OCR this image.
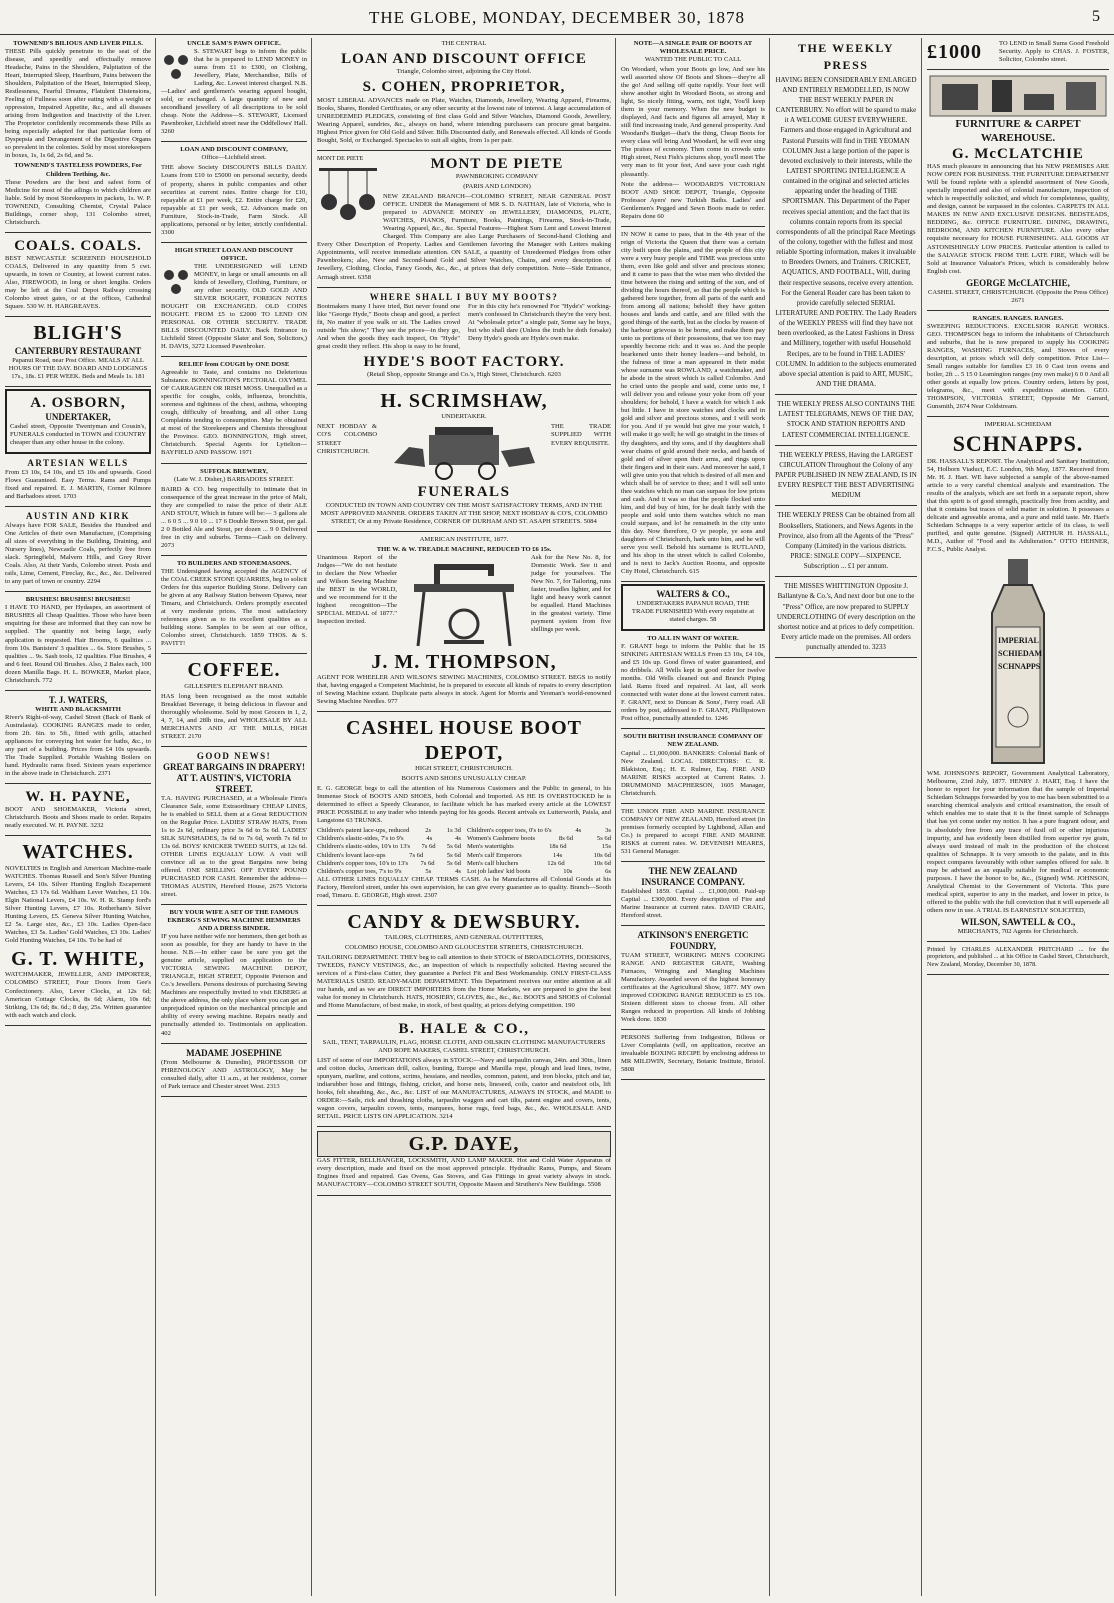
THE GLOBE, MONDAY, DECEMBER 30, 1878	5
TOWNEND'S BILIOUS AND LIVER PILLS.

THESE Pills quickly penetrate to the seat of the disease, and speedily and effectually remove Headache, Pains in the Shoulders, Palpitation of the Heart, Interrupted Sleep, Heartburn, Pains between the Shoulders, Palpitation of the Heart, Interrupted Sleep, Restlessness, Fearful Dreams, Flatulent Distensions, Feeling of Fullness soon after eating with a weight or oppression, Impaired Appetite, &c., and all diseases arising from Indigestion and Inactivity of the Liver. The Proprietor confidently recommends these Pills as being especially adapted for that particular form of Dyspepsia and Derangement of the Digestive Organs so prevalent in the colonies. Sold by most storekeepers in boxes, 1s, 1s 6d, 2s 6d, and 5s.

TOWNEND'S TASTELESS POWDERS, For Children Teething, &c.

These Powders are the best and safest form of Medicine for most of the ailings to which children are liable. Sold by most Storekeepers in packets, 1s. W. P. TOWNEND, Consulting Chemist, Crystal Palace Buildings, corner shop, 131 Colombo street, Christchurch.

COALS. COALS.

BEST NEWCASTLE SCREENED HOUSEHOLD COALS, Delivered in any quantity from 5 cwt. upwards, in town or Country, at lowest current rates. Also, FIREWOOD, in long or short lengths. Orders may be left at the Coal Depot Railway crossing Colombo street gates, or at the offices, Cathedral Square. 530 W. H. HARGREAVES.

BLIGH'S
CANTERBURY RESTAURANT

Papanui Road, near Post Office. MEALS AT ALL HOURS OF THE DAY. BOARD AND LODGINGS 17s., 18s. £1 PER WEEK. Beds and Meals 1s. 181

A. OSBORN,
UNDERTAKER,

Cashel street, Opposite Twentyman and Cousin's, FUNERALS conducted in TOWN and COUNTRY cheaper than any other house in the colony.

ARTESIAN WELLS

From £3 10s, £4 10s, and £5 10s and upwards. Good Flows Guaranteed. Easy Terms. Rams and Pumps fixed and repaired. E. J. MARTIN, Corner Kilmore and Barbadoes street. 1703

AUSTIN AND KIRK

Always have FOR SALE, Besides the Hundred and One Articles of their own Manufacture, (Comprising all sizes of everything in the Building, Draining, and Nursery lines), Newcastle Coals, perfectly free from slack. Springfield, Malvern Hills, and Grey River Coals. Also, At their Yards, Colombo street. Posts and rails, Lime, Cement, Fireclay, &c., &c., &c. Delivered to any part of town or country. 2294

BRUSHES! BRUSHES! BRUSHES!!

I HAVE TO HAND, per Hydaspes, an assortment of BRUSHES all Cheap Qualities. Those who have been enquiring for these are informed that they can now be supplied. The quantity not being large, early application is requested. Hair Brooms, 6 qualities ... from 10s. Banisters' 3 qualities ... 6s. Store Brushes, 5 qualities ... 9s. Sash tools, 12 qualities. Flue Brushes, 4 and 6 feet. Round Oil Brushes. Also, 2 Bales each, 100 dozen Manilla Bags. H. L. BOWKER, Market place, Christchurch. 772

T. J. WATERS,
WHITE AND BLACKSMITH

River's Right-of-way, Cashel Street (Back of Bank of Australasia). COOKING RANGES made to order, from 2ft. 6in. to 5ft., fitted with grills, attached appliances for conveying hot water for baths, &c., to any part of a building. Prices from £4 10s upwards. The Trade Supplied. Portable Washing Boilers on hand. Hydraulic rams fixed. Sixteen years experience in the above trade in Christchurch. 2371

W. H. PAYNE,

BOOT AND SHOEMAKER, Victoria street, Christchurch. Boots and Shoes made to order. Repairs neatly executed. W. H. PAYNE. 3232

WATCHES.

NOVELTIES in English and American Machine-made WATCHES. Thomas Russell and Son's Silver Hunting Levers, £4 10s. Silver Hunting English Escapement Watches, £3 17s 6d. Waltham Lever Watches, £1 10s. Elgin National Levers, £4 10s. W. H. R. Stamp ford's Silver Hunting Levers, £7 10s. Rotherham's Silver Hunting Levers, £5. Geneva Silver Hunting Watches, £2 5s. Large size, &c., £3 10s. Ladies Open-face Watches, £3 5s. Ladies' Gold Watches, £3 10s. Ladies' Gold Hunting Watches, £4 10s. To be had of

G. T. WHITE,

WATCHMAKER, JEWELLER, AND IMPORTER, COLOMBO STREET, Four Doors from Gee's Confectionery. Also, Lever Clocks, at 12s 6d; American Cottage Clocks, 8s 6d; Alarm, 10s 6d; Striking, 13s 6d; 8s. 6d.; 8 day, 25s. Written guarantee with each watch and clock.

UNCLE SAM'S PAWN OFFICE.

S. STEWART begs to inform the public that he is prepared to LEND MONEY in sums from £1 to £300, on Clothing, Jewellery, Plate, Merchandise, Bills of Lading, &c. Lowest interest charged. N.B.—Ladies' and gentlemen's wearing apparel bought, sold, or exchanged. A large quantity of new and secondhand jewellery of all descriptions to be sold cheap. Note the Address—S. STEWART, Licensed Pawnbroker, Lichfield street near the Oddfellows' Hall. 3260

LOAN AND DISCOUNT COMPANY,

Office—Lichfield street.

THE above Society DISCOUNTS BILLS DAILY. Loans from £10 to £5000 on personal security, deeds of property, shares in public companies and other securities at current rates. Entire charge for £10, repayable at £1 per week, £2. Entire charge for £20, repayable at £1 per week, £2. Advances made on Furniture, Stock-in-Trade, Farm Stock. All applications, personal or by letter, strictly confidential. 3300

HIGH STREET LOAN AND DISCOUNT OFFICE.

THE UNDERSIGNED will LEND MONEY, in large or small amounts on all kinds of Jewellery, Clothing, Furniture, or any other security. OLD GOLD AND SILVER BOUGHT, FOREIGN NOTES BOUGHT OR EXCHANGED. OLD COINS BOUGHT. FROM £5 to £2000 TO LEND ON PERSONAL OR OTHER SECURITY. TRADE BILLS DISCOUNTED DAILY. Back Entrance in Lichfield Street (Opposite Slater and Son, Solicitors,) H. DAVIS, 3272 Licensed Pawnbroker.

RELIEF from COUGH by ONE DOSE

Agreeable to Taste, and contains no Deleterious Substance. BONNINGTON'S PECTORAL OXYMEL OF CARRAGEEN OR IRISH MOSS. Unequalled as a specific for coughs, colds, influenza, bronchitis, soreness and tightness of the chest, asthma, whooping cough, difficulty of breathing, and all other Lung Complaints tending to consumption. May be obtained at most of the Storekeepers and Chemists throughout the Province. GEO. BONNINGTON, High street, Christchurch. Special Agents for Lyttelton—BAYFIELD AND PASSOW. 1971

SUFFOLK BREWERY,

(Late W. J. Disher,) BARBADOES STREET.

BAIRD & CO. beg respectfully to intimate that in consequence of the great increase in the price of Malt, they are compelled to raise the price of their ALE AND STOUT, Which in future will be:— 3 gallons ale ... 6 0 5 ... 9 0 10 ... 17 6 Double Brown Stout, per gal. 2 0 Bottled Ale and Stout, per dozen ... 9 0 Delivered free in city and suburbs. Terms—Cash on delivery. 2073

TO BUILDERS AND STONEMASONS.

THE Undersigned having accepted the AGENCY of the COAL CREEK STONE QUARRIES, beg to solicit Orders for this superior Building Stone. Delivery can be given at any Railway Station between Opawa, near Timaru, and Christchurch. Orders promptly executed at very moderate prices. The most satisfactory references given as to its excellent qualities as a building stone. Samples to be seen at our office, Colombo street, Christchurch. 1859 THOS. & S. PAVITT!

COFFEE.

GILLESPIE'S ELEPHANT BRAND.

HAS long been recognised as the most suitable Breakfast Beverage, it being delicious in flavour and thoroughly wholesome. Sold by most Grocers in 1, 2, 4, 7, 14, and 28lb tins, and WHOLESALE BY ALL MERCHANTS AND AT THE MILLS, HIGH STREET. 2170

GOOD NEWS!
GREAT BARGAINS IN DRAPERY!
AT T. AUSTIN'S, VICTORIA STREET.

T.A. HAVING PURCHASED, at a Wholesale Firm's Clearance Sale, some Extraordinary CHEAP LINES, he is enabled to SELL them at a Great REDUCTION on the Regular Price. LADIES' STRAW HATS, From 1s to 2s 6d, ordinary price 3s 6d to 5s 6d. LADIES' SILK SUNSHADES, 3s 6d to 7s 6d, worth 7s 6d to 13s 6d. BOYS' KNICKER TWEED SUITS, at 12s 6d. OTHER LINES EQUALLY LOW. A visit will convince all as to the great Bargains now being offered. ONE SHILLING OFF EVERY POUND PURCHASED FOR CASH. Remember the address—THOMAS AUSTIN, Hereford House, 2675 Victoria street.

BUY YOUR WIFE A SET OF THE FAMOUS EKBERG'S SEWING MACHINE HEMMERS AND A DRESS BINDER.

IF you have neither wife nor hemmers, then get both as soon as possible, for they are handy to have in the house. N.B.—In either case be sure you get the genuine article, supplied on application to the VICTORIA SEWING MACHINE DEPOT, TRIANGLE, HIGH STREET, Opposite Peterson and Co.'s Jewellers. Persons desirous of purchasing Sewing Machines are respectfully invited to visit EKBERG at the above address, the only place where you can get an unprejudiced opinion on the mechanical principle and ability of every sewing machine. Repairs neatly and punctually attended to. Testimonials on application. 402

MADAME JOSEPHINE

(From Melbourne & Dunedin), PROFESSOR OF PHRENOLOGY AND ASTROLOGY, May be consulted daily, after 11 a.m., at her residence, corner of Park terrace and Chester street West. 2313

THE CENTRAL

LOAN AND DISCOUNT OFFICE

Triangle, Colombo street, adjoining the City Hotel.

S. COHEN, PROPRIETOR,

MOST LIBERAL ADVANCES made on Plate, Watches, Diamonds, Jewellery, Wearing Apparel, Firearms, Books, Shares, Bonded Certificates, or any other security at the lowest rate of interest. A large accumulation of UNREDEEMED PLEDGES, consisting of first class Gold and Silver Watches, Diamond Goods, Jewellery, Wearing Apparel, sundries, &c., always on hand, where intending purchasers can procure great bargains. Highest Price given for Old Gold and Silver. Bills Discounted daily, and Renewals effected. All kinds of Goods Bought, Sold, or Exchanged. Spectacles to suit all sights, from 1s per pair.

MONT DE PIETE	MONT DE PIETE

PAWNBROKING COMPANY

(PARIS AND LONDON)

NEW ZEALAND BRANCH—COLOMBO STREET, NEAR GENERAL POST OFFICE. UNDER the Management of MR S. D. NATHAN, late of Victoria, who is prepared to ADVANCE MONEY on JEWELLERY, DIAMONDS, PLATE, WATCHES, PIANOS, Furniture, Books, Paintings, Firearms, Stock-in-Trade, Wearing Apparel, &c., &c. Special Features—Highest Sum Lent and Lowest Interest Charged. This Company are also Large Purchasers of Second-hand Clothing and Every Other Description of Property. Ladies and Gentlemen favoring the Manager with Letters making Appointments, will receive immediate attention. ON SALE, a quantity of Unredeemed Pledges from other Pawnbrokers; also, New and Second-hand Gold and Silver Watches, Chains, and every description of Jewellery, Clothing, Clocks, Fancy Goods, &c., &c., at prices that defy competition. Note—Side Entrance, Armagh street. 6358

WHERE SHALL I BUY MY BOOTS?

Bootmakers many I have tried, But never found one like "George Hyde," Boots cheap and good, a perfect fit, No matter if you walk or sit. The Ladies crowd outside "his show;" They see the prices—in they go, And when the goods they each inspect, On "Hyde" great credit they reflect. His shop is easy to be found, For in this city he's renowned For "Hyde's" working-men's confessed In Christchurch they're the very best. At "wholesale price" a single pair, Some say he buys, but who shall dare (Unless the truth he doth forsake) Deny Hyde's goods are Hyde's own make.

HYDE'S BOOT FACTORY.

(Retail Shop, opposite Strange and Co.'s, High Street, Christchurch. 6203

H. SCRIMSHAW,

UNDERTAKER.

NEXT HOBDAY & CO'S COLOMBO STREET CHRISTCHURCH.

THE TRADE SUPPLIED WITH EVERY REQUISITE.

FUNERALS

CONDUCTED IN TOWN AND COUNTRY ON THE MOST SATISFACTORY TERMS, AND IN THE MOST APPROVED MANNER. ORDERS TAKEN AT THE SHOP, NEXT HOBDAY & CO'S, COLOMBO STREET, Or at my Private Residence, CORNER OF DURHAM AND ST. ASAPH STREETS. 5084

AMERICAN INSTITUTE, 1877.

THE W. & W. TREADLE MACHINE, REDUCED TO £6 15s.

Unanimous Report of the Judges—"We do not hesitate to declare the New Wheeler and Wilson Sewing Machine the BEST in the WORLD, and we recommend for it the highest recognition—The SPECIAL MEDAL of 1877." Inspection invited.

Ask for the New No. 8, for Domestic Work. See it and judge for yourselves. The New No. 7, for Tailoring, runs faster, treadles lighter, and for light and heavy work cannot be equalled. Hand Machines in the greatest variety. Time payment system from five shillings per week.

J. M. THOMPSON,

AGENT FOR WHEELER AND WILSON'S SEWING MACHINES, COLOMBO STREET. BEGS to notify that, having engaged a Competent Machinist, he is prepared to execute all kinds of repairs to every description of Sewing Machine extant. Duplicate parts always in stock. Agent for Morris and Yeoman's world-renowned Sewing Machine Needles. 977

CASHEL HOUSE BOOT DEPOT,

HIGH STREET, CHRISTCHURCH.

BOOTS AND SHOES UNUSUALLY CHEAP.

E. G. GEORGE begs to call the attention of his Numerous Customers and the Public in general, to his Immense Stock of BOOTS AND SHOES, both Colonial and Imported. AS HE IS OVERSTOCKED he is determined to effect a Speedy Clearance, to facilitate which he has marked every article at the LOWEST PRICE POSSIBLE to any trader who intends paying for his goods. Recent arrivals ex Lutterworth, Paisla, and Langstone 63 TRUNKS.

Children's patent lace-ups, reduced 2s 1s 3d
Children's elastic-sides, 7's to 9's	4s	4s
Children's elastic-sides, 10's to 13's 7s 6d 5s 6d
Children's lovant lace-ups	7s 6d	5s 6d
Children's copper toes, 10's to 13's 7s 6d 5s 6d
Children's copper toes, 7's to 9's	5s	4s
Children's copper toes, 0's to 6's	4s	3s
Women's Cashmere boots	8s 6d	5s 6d
Men's watertights	18s 6d	15s
Men's calf Emperors	14s	10s 6d
Men's calf bluchers	12s 6d	10s 6d
Lot job ladies' kid boots	10s	6s

ALL OTHER LINES EQUALLY CHEAP. TERMS CASH. As he Manufactures all Colonial Goods at his Factory, Hereford street, under his own supervision, he can give every guarantee as to quality. Branch—Sooth road, Timaru. E. GEORGE, High street. 2307

CANDY & DEWSBURY.

TAILORS, CLOTHIERS, AND GENERAL OUTFITTERS,

COLOMBO HOUSE, COLOMBO AND GLOUCESTER STREETS, CHRISTCHURCH.

TAILORING DEPARTMENT. THEY beg to call attention to their STOCK of BROADCLOTHS, DOESKINS, TWEEDS, FANCY VESTINGS, &c., an inspection of which is respectfully solicited. Having secured the services of a First-class Cutter, they guarantee a Perfect Fit and Best Workmanship. ONLY FIRST-CLASS MATERIALS USED. READY-MADE DEPARTMENT. This Department receives our entire attention at all our hands, and as we are DIRECT IMPORTERS from the Home Markets, we are prepared to give the best value for money in Christchurch. HATS, HOSIERY, GLOVES, &c., &c., &c. BOOTS and SHOES of Colonial and Home Manufacture, of best make, in stock, of best quality, at prices defying competition. 190

B. HALE & CO.,

SAIL, TENT, TARPAULIN, FLAG, HORSE CLOTH, AND OILSKIN CLOTHING MANUFACTURERS AND ROPE MAKERS, CASHEL STREET, CHRISTCHURCH.

LIST of some of our IMPORTATIONS always in STOCK:—Navy and tarpaulin canvas, 24in. and 30in., linen and cotton ducks, American drill, calico, bunting, Europe and Manilla rope, plough and lead lines, twine, spunyarn, marline, and cottons, scrims, hessians, and needles, common, patent, and iron blocks, pitch and tar, indiarubber hose and fittings, fishing, cricket, and horse nets, lineseed, coils, castor and neatsfoot oils, lift hooks, felt sheathing, &c., &c., &c. LIST of our MANUFACTURES, ALWAYS IN STOCK, and MADE to ORDER:—Sails, rick and thrashing cloths, tarpaulin waggon and cart tilts, patent engine and covers, tents, wagon covers, tarpaulin covers, tents, marquees, horse rugs, feed bags, &c., &c. WHOLESALE AND RETAIL. PRICE LISTS ON APPLICATION. 3214

G.P. DAYE,

GAS FITTER, BELLHANGER, LOCKSMITH, AND LAMP MAKER. Hot and Cold Water Apparatus of every description, made and fixed on the most approved principle. Hydraulic Rams, Pumps, and Steam Engines fixed and repaired. Gas Ovens, Gas Stoves, and Gas Fittings in great variety always in stock. MANUFACTORY—COLOMBO STREET SOUTH, Opposite Mason and Struthers's New Buildings. 5508

NOTE—A SINGLE PAIR OF BOOTS AT WHOLESALE PRICE.

WANTED THE PUBLIC TO CALL

On Woodard, when your Boots go low, And see his well assorted show Of Boots and Shoes—they're all the go! And selling off quite rapidly. Your feet will show another sight In Woodard Boots, so strong and light, So nicely fitting, warm, not tight, You'll keep them in your memory. When the new budget is displayed, And facts and figures all arrayed, May it still find increasing trade, And general prosperity. And Woodard's Budget—that's the thing, Cheap Boots for every class will bring And Woodard, he will ever sing The praises of economy. Then come in crowds unto High street, Next Fish's pictures shop, you'll meet The very man to fit your feet, And save your cash right pleasantly.

Note the address— WOODARD'S VICTORIAN BOOT AND SHOE DEPOT, Triangle, Opposite Professor Ayers' new Turkish Baths. Ladies' and Gentlemen's Pegged and Sewn Boots made to order. Repairs done 60

IN NOW it came to pass, that in the 4th year of the reign of Victoria the Queen that there was a certain city built upon the plains, and the people of this city were a very busy people and TIME was precious unto them, even like gold and silver and precious stones; and it came to pass that the wise men who divided the time between the rising and setting of the sun, and of dividing the hours thereof, so that the people which is gathered here together, from all parts of the earth and from among all nations; behold! they have gotten houses and lands and cattle, and are filled with the good things of the earth, but as the clocks by reason of the harbour grievous to be borne, and make them pay unto us portions of their possessions, that we too may speedily become rich: and it was so. And the people hearkened unto their honey leaders—and behold, in the fulness of time a man appeared in their midst whose surname was ROWLAND, a watchmaker, and he abode in the street which is called Colombo. And he cried unto the people and said, come unto me, I will deliver you and release your yoke from off your shoulders; for behold, I have a watch for which I ask but little. I have in store watches and clocks and in gold and silver and precious stones, and I will work for you. And if ye would but give me your watch, I will make it go well; he will go straight in the times of thy daughters, and thy sons, and if thy daughters shall wear chains of gold around their necks, and bands of gold and of silver upon their arms, and rings upon their fingers and in their ears. And moreover he said, I will give unto you that which is desired of all men and which shall be of service to thee; and I will sell unto thee watches which no man can surpass for low prices and cash. And it was so that the people flocked unto him, and did buy of him, for he dealt fairly with the people and sold unto them watches which no man could surpass, and lo! he remaineth in the city unto this day. Now therefore, O ye people, ye sons and daughters of Christchurch, hark unto him, and he will serve you well. Behold his surname is RUTLAND, and his shop in the street which is called Colombo, and is next to Jack's Auction Rooms, and opposite City Hotel, Christchurch. 615

WALTERS & CO.,

UNDERTAKERS PAPANUI ROAD, THE TRADE FURNISHED With every requisite at stated charges. 58

TO ALL IN WANT OF WATER.

F. GRANT begs to inform the Public that he IS SINKING ARTESIAN WELLS From £3 10s, £4 10s, and £5 10s up. Good flows of water guaranteed, and no dribbels. All Wells kept in good order for twelve months. Old Wells cleaned out and Branch Piping laid. Rams fixed and repaired. At last, all work connected with water done at the lowest current rates. F. GRANT, next to Duncan & Sons', Ferry road. All orders by post, addressed to F. GRANT, Phillipstown Post office, punctually attended to. 1246

SOUTH BRITISH INSURANCE COMPANY OF NEW ZEALAND.

Capital ... £1,000,000. BANKERS: Colonial Bank of New Zealand. LOCAL DIRECTORS: C. R. Blakiston, Esq.; H. E. Rulmer, Esq. FIRE AND MARINE RISKS accepted at Current Rates. J. DRUMMOND MACPHERSON, 1605 Manager, Christchurch.

THE UNION FIRE AND MARINE INSURANCE COMPANY OF NEW ZEALAND, Hereford street (in premises formerly occupied by Lightbond, Allan and Co.) is prepared to accept FIRE AND MARINE RISKS at current rates. W. DEVENISH MEARES, 531 General Manager.

THE NEW ZEALAND INSURANCE COMPANY.

Established 1859. Capital ... £1,000,000. Paid-up Capital ... £300,000. Every description of Fire and Marine Insurance at current rates. DAVID CRAIG, Hereford street.

ATKINSON'S ENERGETIC FOUNDRY,

TUAM STREET, WORKING MEN'S COOKING RANGE AND REGISTER GRATE, Washing Furnaces, Wringing and Mangling Machines Manufactory. Awarded seven of the highest honorary certificates at the Agricultural Show, 1877. MY own improved COOKING RANGE REDUCED to £5 10s. Sixteen different sizes to choose from. All other Ranges reduced in proportion. All kinds of Jobbing Work done. 1830

PERSONS Suffering from Indigestion, Bilious or Liver Complaints (will, on application, receive an invaluable BOXING RECIPE by enclosing address to MR MILDWIN, Secretary, Botanic Institute, Bristol. 5808

THE WEEKLY PRESS

HAVING BEEN CONSIDERABLY ENLARGED AND ENTIRELY REMODELLED, IS NOW THE BEST WEEKLY PAPER IN CANTERBURY. No effort will be spared to make it A WELCOME GUEST EVERYWHERE. Farmers and those engaged in Agricultural and Pastoral Pursuits will find in THE YEOMAN COLUMN Just a large portion of the paper is devoted exclusively to their interests, while the LATEST SPORTING INTELLIGENCE A contained in the original and selected articles appearing under the heading of THE SPORTSMAN. This Department of the Paper receives special attention; and the fact that its columns contain reports from its special correspondents of all the principal Race Meetings of the colony, together with the fullest and most reliable Sporting information, makes it invaluable to Breeders Owners, and Trainers. CRICKET, AQUATICS, AND FOOTBALL, Will, during their respective seasons, receive every attention. For the General Reader care has been taken to provide carefully selected SERIAL LITERATURE AND POETRY. The Lady Readers of the WEEKLY PRESS will find they have not been overlooked, as the Latest Fashions in Dress and Millinery, together with useful Household Recipes, are to be found in THE LADIES' COLUMN. In addition to the subjects enumerated above special attention is paid to ART, MUSIC, AND THE DRAMA.

THE WEEKLY PRESS ALSO CONTAINS THE LATEST TELEGRAMS, NEWS OF THE DAY, STOCK AND STATION REPORTS AND LATEST COMMERCIAL INTELLIGENCE.

THE WEEKLY PRESS, Having the LARGEST CIRCULATION Throughout the Colony of any PAPER PUBLISHED IN NEW ZEALAND, IS IN EVERY RESPECT THE BEST ADVERTISING MEDIUM

THE WEEKLY PRESS Can be obtained from all Booksellers, Stationers, and News Agents in the Province, also from all the Agents of the "Press" Company (Limited) in the various districts. PRICE: SINGLE COPY—SIXPENCE. Subscription ... £1 per annum.

THE MISSES WHITTINGTON Opposite J. Ballantyne & Co.'s, And next door but one to the "Press" Office, are now prepared to SUPPLY UNDERCLOTHING Of every description on the shortest notice and at prices to defy competition. Every article made on the premises. All orders punctually attended to. 3233

£1000	TO LEND in Small Sums Good Freehold Security. Apply to CHAS. J. FOSTER, Solicitor, Colombo street.

FURNITURE & CARPET WAREHOUSE.
G. McCLATCHIE

HAS much pleasure in announcing that his NEW PREMISES ARE NOW OPEN FOR BUSINESS. THE FURNITURE DEPARTMENT Will be found replete with a splendid assortment of New Goods, specially imported and also of colonial manufacture, inspection of which is respectfully solicited, and which for completeness, quality, and design, cannot be surpassed in the colonies. CARPETS IN ALL MAKES IN NEW AND EXCLUSIVE DESIGNS. BEDSTEADS, BEDDING, &c. OFFICE FURNITURE. DINING, DRAWING, BEDROOM, AND KITCHEN FURNITURE. Also every other requisite necessary for HOUSE FURNISHING. ALL GOODS AT ASTONISHINGLY LOW PRICES. Particular attention is called to the SALVAGE STOCK FROM THE LATE FIRE, Which will be Sold at Insurance Valuator's Prices, which is considerably below English cost.

GEORGE McCLATCHIE,

CASHEL STREET, CHRISTCHURCH. (Opposite the Press Office) 2671

RANGES. RANGES. RANGES.

SWEEPING REDUCTIONS. EXCELSIOR RANGE WORKS. GEO. THOMPSON begs to inform the inhabitants of Christchurch and suburbs, that he is now prepared to supply his COOKING RANGES, WASHING FURNACES, and Stoves of every description, at prices which will defy competition. Price List— Small ranges suitable for families £3 16 0 Cast iron ovens and boiler, 2ft ... 5 15 0 Leamington ranges (my own make) 6 0 0 And all other goods at equally low prices. Country orders, letters by post, telegrams, &c., meet with expeditious attention. GEO. THOMPSON, VICTORIA STREET, Opposite Mr Garrard, Gunsmith, 2674 Near Coldstream.

IMPERIAL SCHIEDAM

SCHNAPPS.

DR. HASSALL'S REPORT. The Analytical and Sanitary Institution, 54, Holborn Viaduct, E.C. London, 9th May, 1877. Received from Mr. H. J. Hart. WE have subjected a sample of the above-named article to a very careful chemical analysis and examination. The results of the analysis, which are set forth in a separate report, show that this spirit is of good strength, practically free from acidity, and that it contains but traces of solid matter in solution. It possesses a delicate and agreeable aroma, and a pure and mild taste. Mr. Hart's Schiedam Schnapps is a very superior article of its class, is well purified, and quite genuine. (Signed) ARTHUR H. HASSALL, M.D., Author of "Food and its Adulteration." OTTO HEHNER, F.C.S., Public Analyst.

IMPERIAL SCHIEDAM SCHNAPPS

WM. JOHNSON'S REPORT, Government Analytical Laboratory, Melbourne, 23rd July, 1877. HENRY J. HART, Esq. I have the honor to report for your information that the sample of Imperial Schiedam Schnapps forwarded by you to me has been submitted to a searching chemical analysis and critical examination, the result of which enables me to state that it is the finest sample of Schnapps that has yet come under my notice. It has a pure fragrant odour, and is absolutely free from any trace of fusil oil or other injurious impurity, and has evidently been distilled from superior rye grain, always used instead of malt in the production of the choicest qualities of Schnapps. It is very smooth to the palate, and in this respect compares favourably with other samples offered for sale. It may be advised as an equally suitable for medical or economic purposes. I have the honor to be, &c., (Signed) WM. JOHNSON, Analytical Chemist to the Government of Victoria. This pure medical spirit, superior to any in the market, and lower in price, is offered to the public with the full conviction that it will supersede all others now in use. A TRIAL IS EARNESTLY SOLICITED,

WILSON, SAWTELL & CO.,

MERCHANTS, 702 Agents for Christchurch.

Printed by CHARLES ALEXANDER PRITCHARD ... for the proprietors, and published ... at his Office in Cashel Street, Christchurch, New Zealand, Monday, December 30, 1878.
